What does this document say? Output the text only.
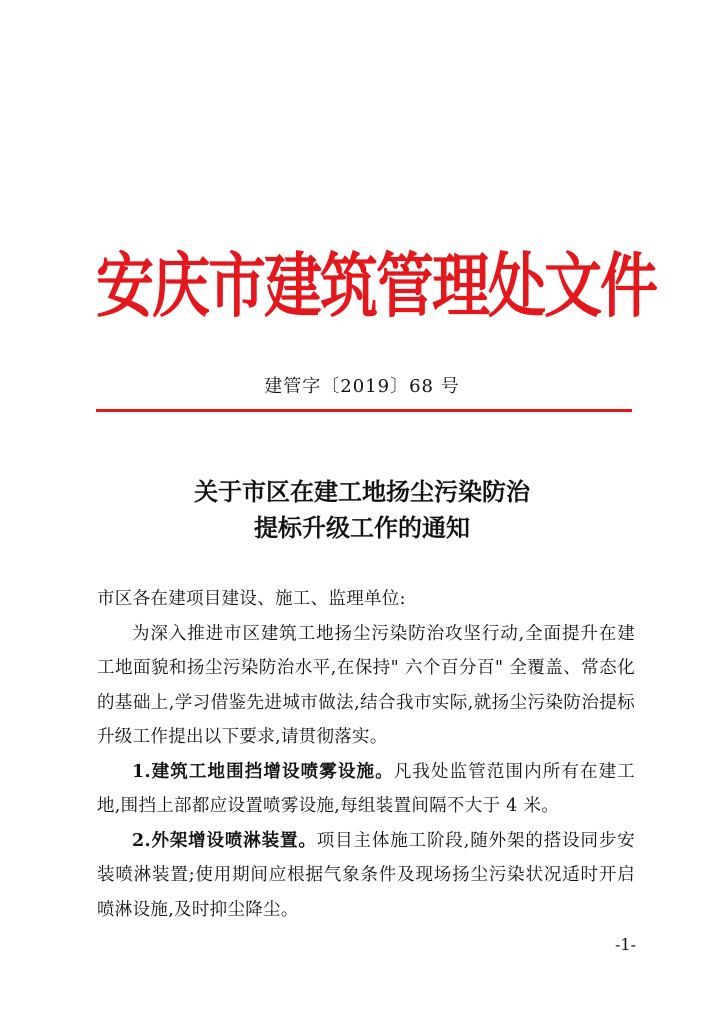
安庆市建筑管理处文件
建管字〔2019〕68 号
关于市区在建工地扬尘污染防治
提标升级工作的通知

市区各在建项目建设、施工、监理单位:

为深入推进市区建筑工地扬尘污染防治攻坚行动,全面提升在建工地面貌和扬尘污染防治水平,在保持" 六个百分百" 全覆盖、常态化的基础上,学习借鉴先进城市做法,结合我市实际,就扬尘污染防治提标升级工作提出以下要求,请贯彻落实。

1.建筑工地围挡增设喷雾设施。凡我处监管范围内所有在建工地,围挡上部都应设置喷雾设施,每组装置间隔不大于 4 米。

2.外架增设喷淋装置。项目主体施工阶段,随外架的搭设同步安装喷淋装置;使用期间应根据气象条件及现场扬尘污染状况适时开启喷淋设施,及时抑尘降尘。

-1-
